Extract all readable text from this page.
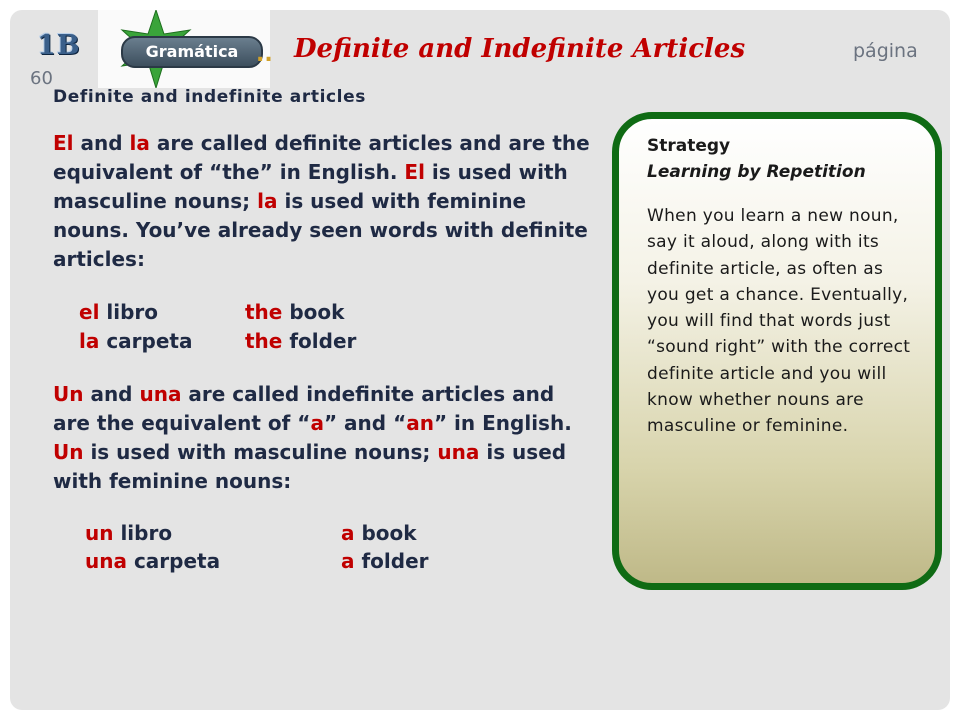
1B	Gramática .. Definite and Indefinite Articles	página
60

Definite and indefinite articles

El and la are called definite articles and are the equivalent of “the” in English. El is used with masculine nouns; la is used with feminine nouns. You’ve already seen words with definite articles:

el libro	the book
la carpeta	the folder

Un and una are called indefinite articles and are the equivalent of “a” and “an” in English. Un is used with masculine nouns; una is used with feminine nouns:

un libro	a book
una carpeta	a folder

Strategy

Learning by Repetition

When you learn a new noun, say it aloud, along with its definite article, as often as you get a chance. Eventually, you will find that words just “sound right” with the correct definite article and you will know whether nouns are masculine or feminine.
